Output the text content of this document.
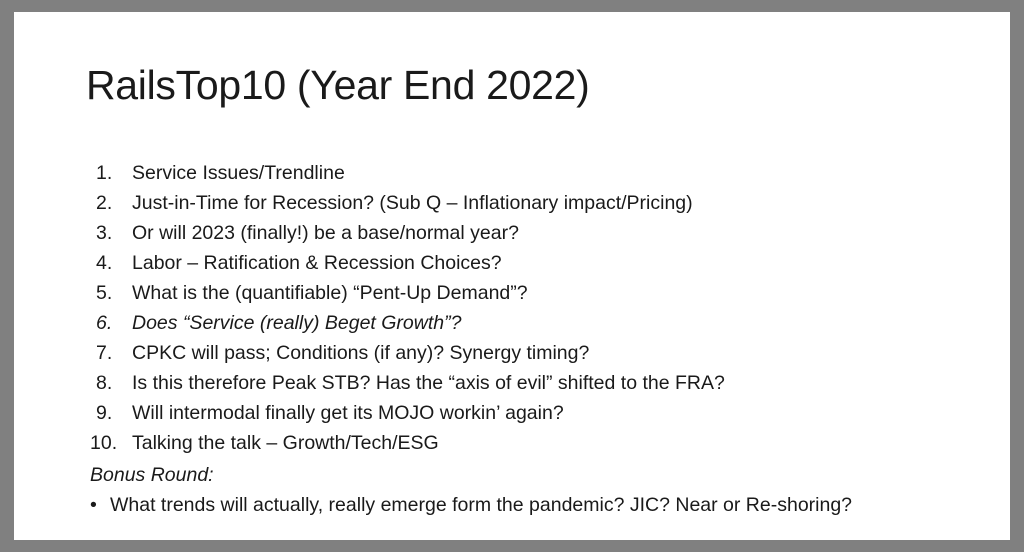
RailsTop10 (Year End 2022)
1.	Service Issues/Trendline
2.	Just-in-Time for Recession? (Sub Q – Inflationary impact/Pricing)
3.	Or will 2023 (finally!) be a base/normal year?
4.	Labor – Ratification & Recession Choices?
5.	What is the (quantifiable) “Pent-Up Demand”?
6.	Does “Service (really) Beget Growth”?
7.	CPKC will pass; Conditions (if any)? Synergy timing?
8.	Is this therefore Peak STB? Has the “axis of evil” shifted to the FRA?
9.	Will intermodal finally get its MOJO workin’ again?
10. Talking the talk – Growth/Tech/ESG
Bonus Round:
• What trends will actually, really emerge form the pandemic? JIC? Near or Re-shoring?
